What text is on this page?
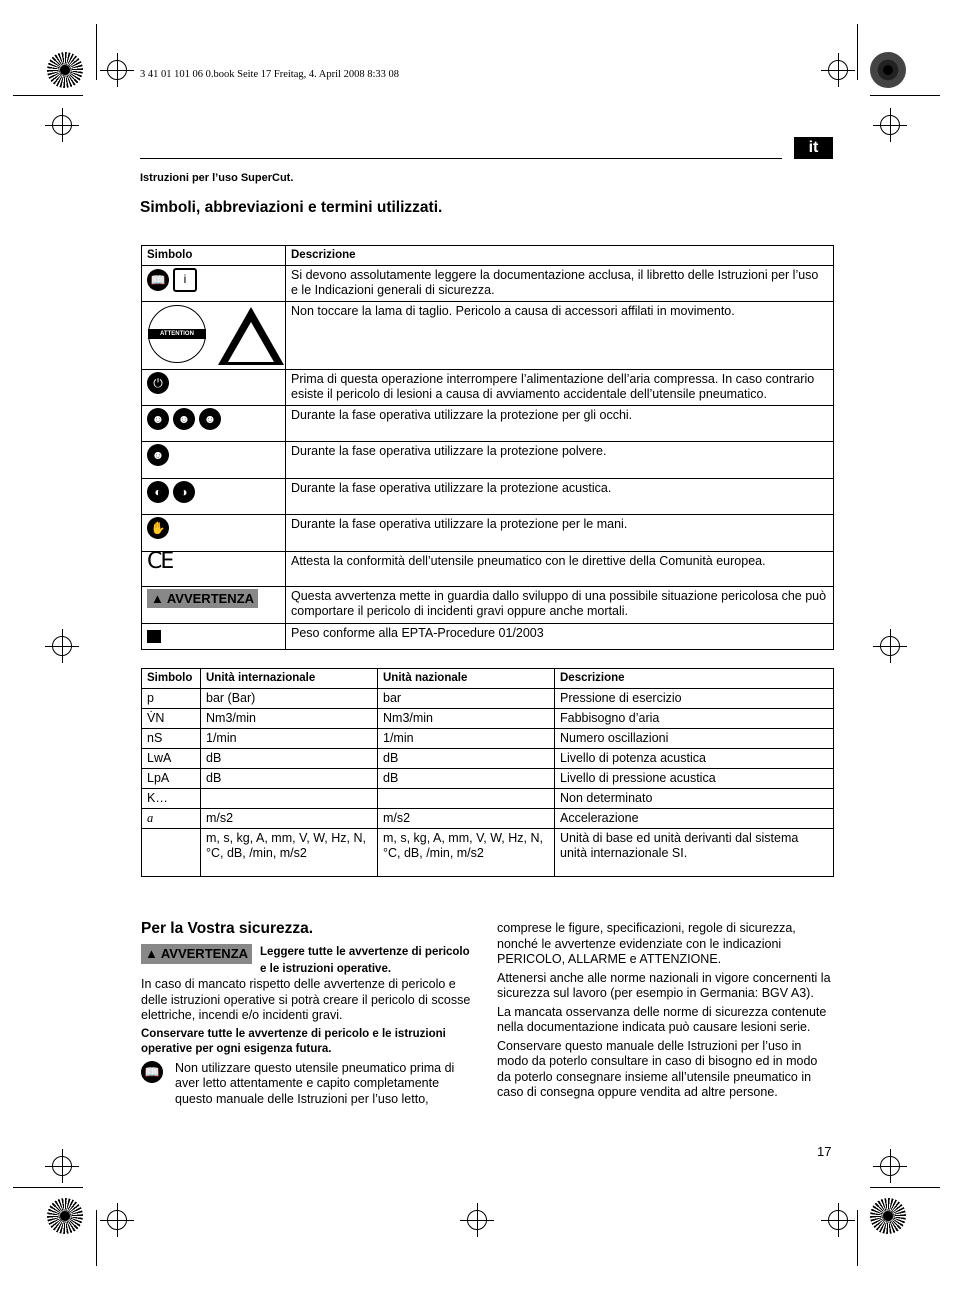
3 41 01 101 06 0.book Seite 17 Freitag, 4. April 2008 8:33 08
it
Istruzioni per l’uso SuperCut.
Simboli, abbreviazioni e termini utilizzati.
Simbolo	Descrizione
📖 i	Si devono assolutamente leggere la documentazione acclusa, il libretto delle Istruzioni per l’uso e le Indicazioni generali di sicurezza.
	Non toccare la lama di taglio. Pericolo a causa di accessori affilati in movimento.
⏻	Prima di questa operazione interrompere l’alimentazione dell’aria compressa. In caso contrario esiste il pericolo di lesioni a causa di avviamento accidentale dell’utensile pneumatico.
☻ ☻ ☻	Durante la fase operativa utilizzare la protezione per gli occhi.
☻	Durante la fase operativa utilizzare la protezione polvere.
◐ ◑	Durante la fase operativa utilizzare la protezione acustica.
✋	Durante la fase operativa utilizzare la protezione per le mani.
CE	Attesta la conformità dell’utensile pneumatico con le direttive della Comunità europea.
▲ AVVERTENZA	Questa avvertenza mette in guardia dallo sviluppo di una possibile situazione pericolosa che può comportare il pericolo di incidenti gravi oppure anche mortali.
	Peso conforme alla EPTA-Procedure 01/2003
ATTENTION
Simbolo	Unità internazionale	Unità nazionale	Descrizione
p	bar (Bar)	bar	Pressione di esercizio
V̇N	Nm3/min	Nm3/min	Fabbisogno d’aria
nS	1/min	1/min	Numero oscillazioni
LwA	dB	dB	Livello di potenza acustica
LpA	dB	dB	Livello di pressione acustica
K…			Non determinato
a	m/s2	m/s2	Accelerazione
	m, s, kg, A, mm, V, W, Hz, N, °C, dB, /min, m/s2	m, s, kg, A, mm, V, W, Hz, N, °C, dB, /min, m/s2	Unità di base ed unità derivanti dal sistema unità internazionale SI.
Per la Vostra sicurezza.
▲ AVVERTENZA	Leggere tutte le avvertenze di pericolo e le istruzioni operative.

In caso di mancato rispetto delle avvertenze di pericolo e delle istruzioni operative si potrà creare il pericolo di scosse elettriche, incendi e/o incidenti gravi.

Conservare tutte le avvertenze di pericolo e le istruzioni operative per ogni esigenza futura.

📖 Non utilizzare questo utensile pneumatico prima di aver letto attentamente e capito completamente questo manuale delle Istruzioni per l’uso letto,

comprese le figure, specificazioni, regole di sicurezza, nonché le avvertenze evidenziate con le indicazioni PERICOLO, ALLARME e ATTENZIONE.

Attenersi anche alle norme nazionali in vigore concernenti la sicurezza sul lavoro (per esempio in Germania: BGV A3).

La mancata osservanza delle norme di sicurezza contenute nella documentazione indicata può causare lesioni serie.

Conservare questo manuale delle Istruzioni per l’uso in modo da poterlo consultare in caso di bisogno ed in modo da poterlo consegnare insieme all’utensile pneumatico in caso di consegna oppure vendita ad altre persone.

17
